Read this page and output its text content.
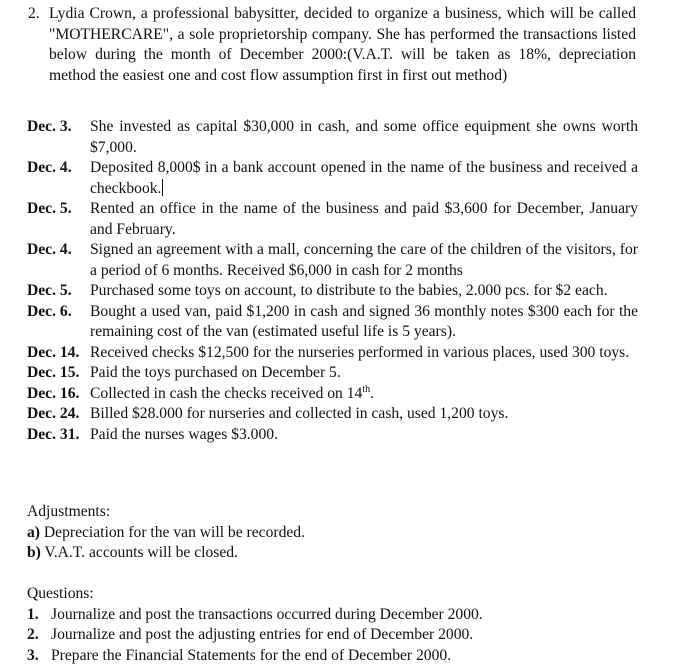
2. Lydia Crown, a professional babysitter, decided to organize a business, which will be called "MOTHERCARE", a sole proprietorship company. She has performed the transactions listed below during the month of December 2000:(V.A.T. will be taken as 18%, depreciation method the easiest one and cost flow assumption first in first out method)
Dec. 3.	She invested as capital $30,000 in cash, and some office equipment she owns worth $7,000.
Dec. 4.	Deposited 8,000$ in a bank account opened in the name of the business and received a checkbook.
Dec. 5.	Rented an office in the name of the business and paid $3,600 for December, January and February.
Dec. 4.	Signed an agreement with a mall, concerning the care of the children of the visitors, for a period of 6 months. Received $6,000 in cash for 2 months
Dec. 5.	Purchased some toys on account, to distribute to the babies, 2.000 pcs. for $2 each.
Dec. 6.	Bought a used van, paid $1,200 in cash and signed 36 monthly notes $300 each for the remaining cost of the van (estimated useful life is 5 years).
Dec. 14. Received checks $12,500 for the nurseries performed in various places, used 300 toys.
Dec. 15. Paid the toys purchased on December 5.
Dec. 16. Collected in cash the checks received on 14th.
Dec. 24. Billed $28.000 for nurseries and collected in cash, used 1,200 toys.
Dec. 31. Paid the nurses wages $3.000.
Adjustments:
a) Depreciation for the van will be recorded.
b) V.A.T. accounts will be closed.
Questions:
1. Journalize and post the transactions occurred during December 2000.
2. Journalize and post the adjusting entries for end of December 2000.
3. Prepare the Financial Statements for the end of December 2000.
